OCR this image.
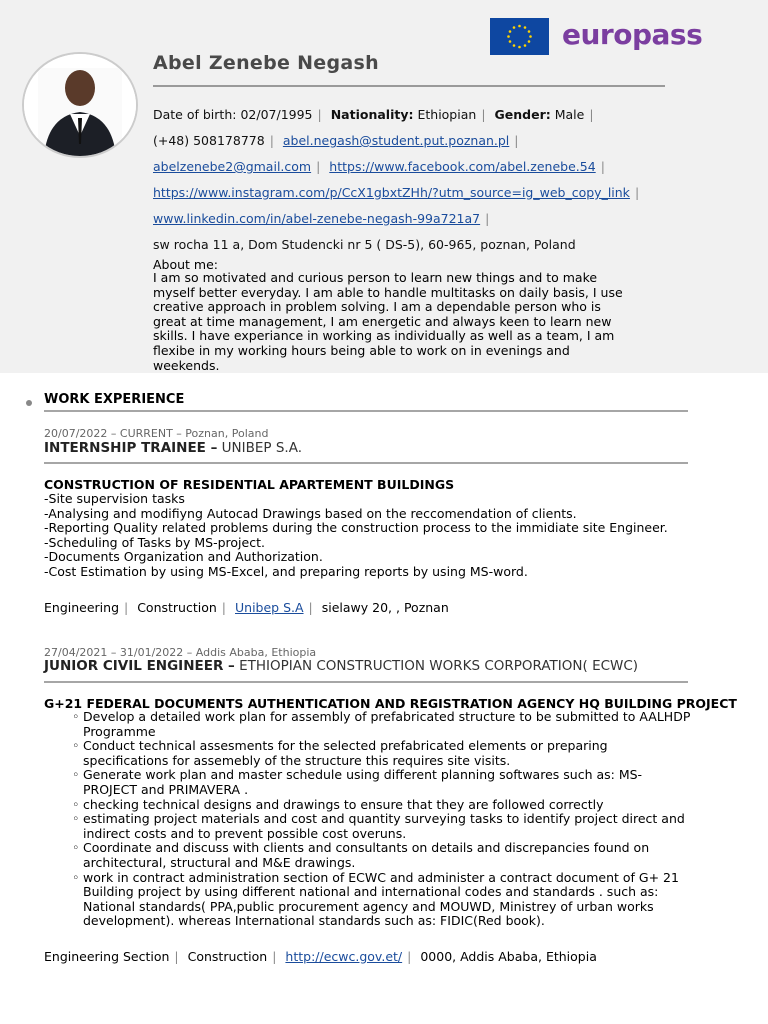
europass
Abel Zenebe Negash
Date of birth: 02/07/1995 | Nationality: Ethiopian | Gender: Male |
(+48) 508178778 | abel.negash@student.put.poznan.pl |
abelzenebe2@gmail.com | https://www.facebook.com/abel.zenebe.54 |
https://www.instagram.com/p/CcX1gbxtZHh/?utm_source=ig_web_copy_link |
www.linkedin.com/in/abel-zenebe-negash-99a721a7 |
sw rocha 11 a, Dom Studencki nr 5 ( DS-5), 60-965, poznan, Poland
About me:
I am so motivated and curious person to learn new things and to make myself better everyday. I am able to handle multitasks on daily basis, I use creative approach in problem solving. I am a dependable person who is great at time management, I am energetic and always keen to learn new skills. I have experiance in working as individually as well as a team, I am flexibe in my working hours being able to work on in evenings and weekends.
WORK EXPERIENCE
20/07/2022 – CURRENT – Poznan, Poland
INTERNSHIP TRAINEE – UNIBEP S.A.
CONSTRUCTION OF RESIDENTIAL APARTEMENT BUILDINGS
-Site supervision tasks
-Analysing and modifiyng Autocad Drawings based on the reccomendation of clients.
-Reporting Quality related problems during the construction process to the immidiate site Engineer.
-Scheduling of Tasks by MS-project.
-Documents Organization and Authorization.
-Cost Estimation by using MS-Excel, and preparing reports by using MS-word.
Engineering | Construction | Unibep S.A | sielawy 20, , Poznan
27/04/2021 – 31/01/2022 – Addis Ababa, Ethiopia
JUNIOR CIVIL ENGINEER – ETHIOPIAN CONSTRUCTION WORKS CORPORATION( ECWC)
G+21 FEDERAL DOCUMENTS AUTHENTICATION AND REGISTRATION AGENCY HQ BUILDING PROJECT
◦ Develop a detailed work plan for assembly of prefabricated structure to be submitted to AALHDP Programme
◦ Conduct technical assesments for the selected prefabricated elements or preparing specifications for assemebly of the structure this requires site visits.
◦ Generate work plan and master schedule using different planning softwares such as: MS-PROJECT and PRIMAVERA .
◦ checking technical designs and drawings to ensure that they are followed correctly
◦ estimating project materials and cost and quantity surveying tasks to identify project direct and indirect costs and to prevent possible cost overuns.
◦ Coordinate and discuss with clients and consultants on details and discrepancies found on architectural, structural and M&E drawings.
◦ work in contract administration section of ECWC and administer a contract document of G+ 21 Building project by using different national and international codes and standards . such as: National standards( PPA,public procurement agency and MOUWD, Ministrey of urban works development). whereas International standards such as: FIDIC(Red book).
Engineering Section | Construction | http://ecwc.gov.et/ | 0000, Addis Ababa, Ethiopia
